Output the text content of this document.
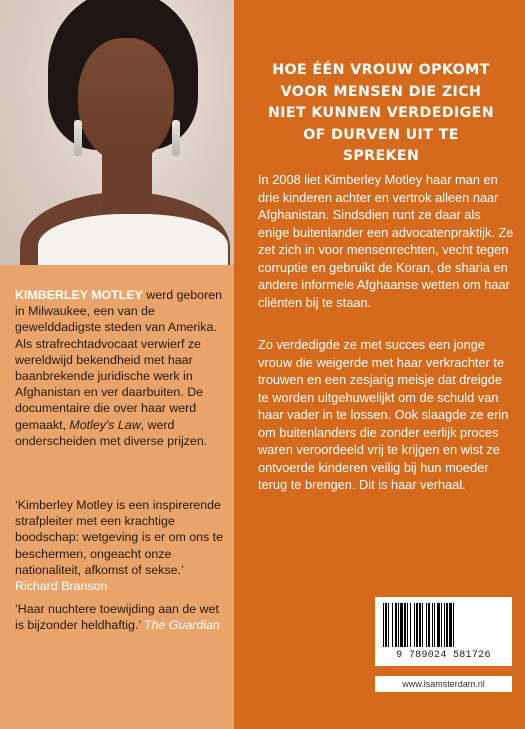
KIMBERLEY MOTLEY werd geboren in Milwaukee, een van de gewelddadigste steden van Amerika. Als strafrechtadvocaat verwierf ze wereldwijd bekendheid met haar baanbrekende juridische werk in Afghanistan en ver daarbuiten. De documentaire die over haar werd gemaakt, Motley's Law, werd onderscheiden met diverse prijzen.
‘Kimberley Motley is een inspirerende strafpleiter met een krachtige boodschap: wetgeving is er om ons te beschermen, ongeacht onze nationaliteit, afkomst of sekse.’ Richard Branson
‘Haar nuchtere toewijding aan de wet is bijzonder heldhaftig.’ The Guardian
HOE ÉÉN VROUW OPKOMT VOOR MENSEN DIE ZICH NIET KUNNEN VERDEDIGEN OF DURVEN UIT TE SPREKEN
In 2008 liet Kimberley Motley haar man en drie kinderen achter en vertrok alleen naar Afghanistan. Sindsdien runt ze daar als enige buitenlander een advocatenpraktijk. Ze zet zich in voor mensenrechten, vecht tegen corruptie en gebruikt de Koran, de sharia en andere informele Afghaanse wetten om haar cliënten bij te staan.
Zo verdedigde ze met succes een jonge vrouw die weigerde met haar verkrachter te trouwen en een zesjarig meisje dat dreigde te worden uitgehuwelijkt om de schuld van haar vader in te lossen. Ook slaagde ze erin om buitenlanders die zonder eerlijk proces waren veroordeeld vrij te krijgen en wist ze ontvoerde kinderen veilig bij hun moeder terug te brengen. Dit is haar verhaal.
9 789024 581726
www.lsamsterdam.nl
